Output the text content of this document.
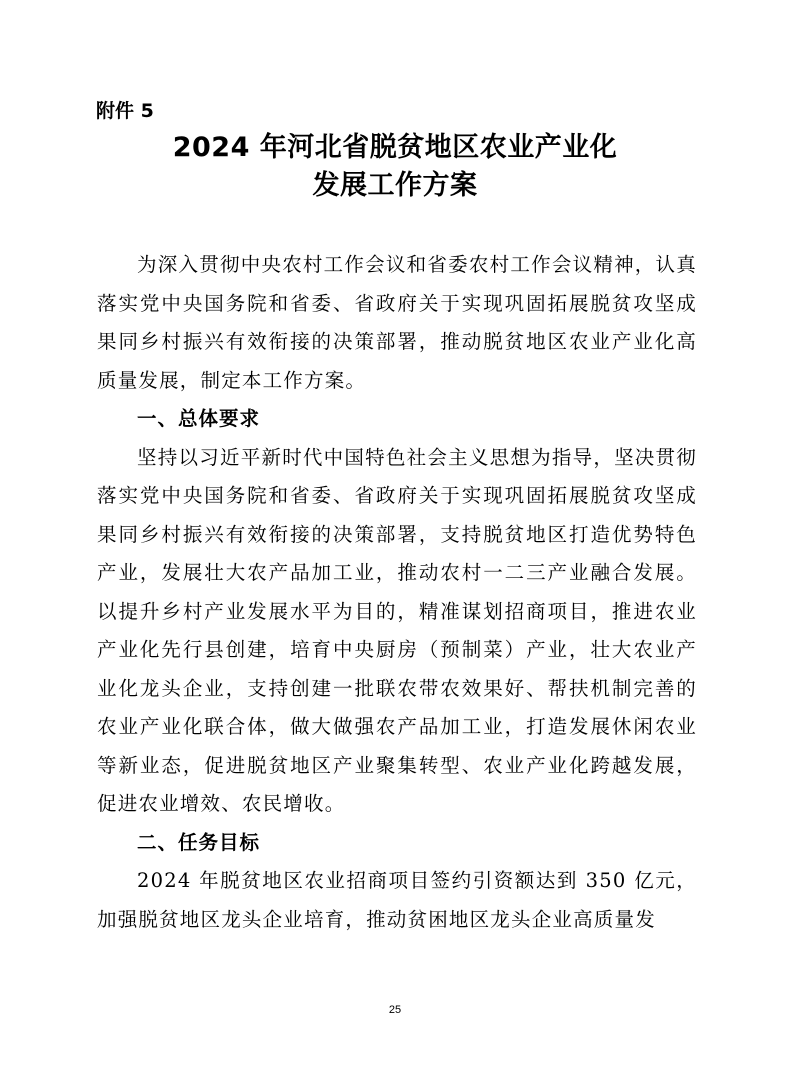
附件 5
2024 年河北省脱贫地区农业产业化
发展工作方案

为深入贯彻中央农村工作会议和省委农村工作会议精神，认真落实党中央国务院和省委、省政府关于实现巩固拓展脱贫攻坚成果同乡村振兴有效衔接的决策部署，推动脱贫地区农业产业化高质量发展，制定本工作方案。

一、总体要求

坚持以习近平新时代中国特色社会主义思想为指导，坚决贯彻落实党中央国务院和省委、省政府关于实现巩固拓展脱贫攻坚成果同乡村振兴有效衔接的决策部署，支持脱贫地区打造优势特色产业，发展壮大农产品加工业，推动农村一二三产业融合发展。以提升乡村产业发展水平为目的，精准谋划招商项目，推进农业产业化先行县创建，培育中央厨房（预制菜）产业，壮大农业产业化龙头企业，支持创建一批联农带农效果好、帮扶机制完善的农业产业化联合体，做大做强农产品加工业，打造发展休闲农业等新业态，促进脱贫地区产业聚集转型、农业产业化跨越发展，促进农业增效、农民增收。

二、任务目标

2024 年脱贫地区农业招商项目签约引资额达到 350 亿元，加强脱贫地区龙头企业培育，推动贫困地区龙头企业高质量发

25
